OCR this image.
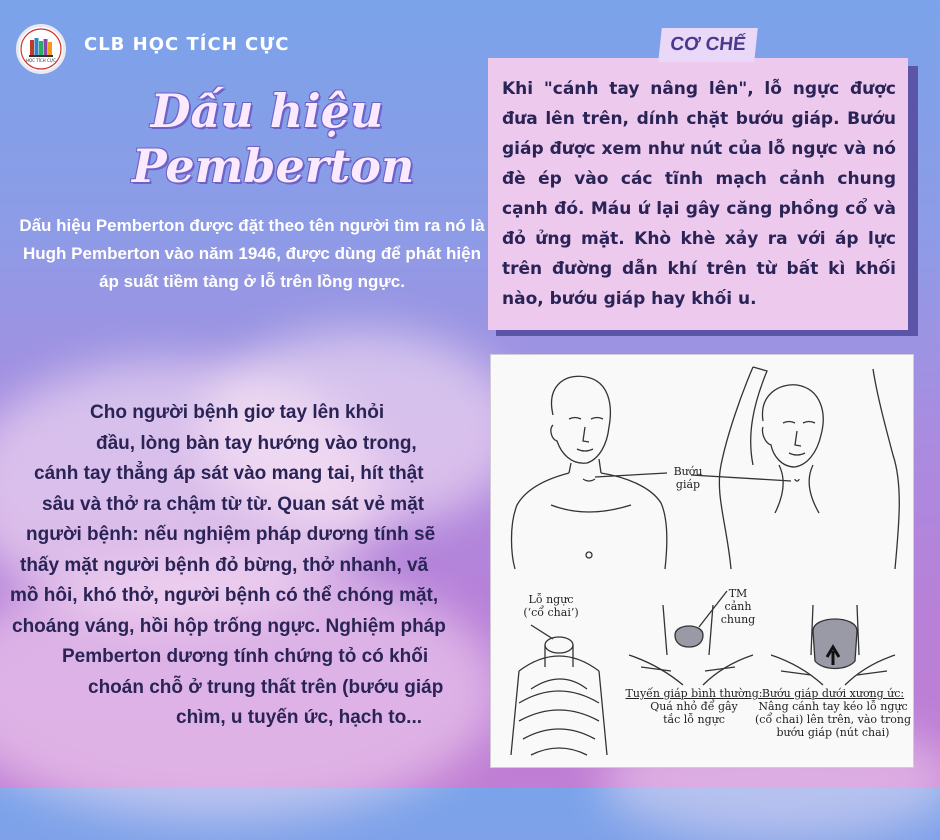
HỌC TÍCH CỰC
CLB HỌC TÍCH CỰC
Dấu hiệu
Pemberton
Dấu hiệu Pemberton được đặt theo tên người tìm ra nó là Hugh Pemberton vào năm 1946, được dùng để phát hiện áp suất tiềm tàng ở lỗ trên lồng ngực.

Khi "cánh tay nâng lên", lỗ ngực được đưa lên trên, dính chặt bướu giáp. Bướu giáp được xem như nút của lỗ ngực và nó đè ép vào các tĩnh mạch cảnh chung cạnh đó. Máu ứ lại gây căng phồng cổ và đỏ ửng mặt. Khò khè xảy ra với áp lực trên đường dẫn khí trên từ bất kì khối nào, bướu giáp hay khối u.

CƠ CHẾ
Cho người bệnh giơ tay lên khỏi
đầu, lòng bàn tay hướng vào trong,
cánh tay thẳng áp sát vào mang tai, hít thật
sâu và thở ra chậm từ từ. Quan sát vẻ mặt
người bệnh: nếu nghiệm pháp dương tính sẽ
thấy mặt người bệnh đỏ bừng, thở nhanh, vã
mồ hôi, khó thở, người bệnh có thể chóng mặt,
choáng váng, hồi hộp trống ngực. Nghiệm pháp
Pemberton dương tính chứng tỏ có khối
choán chỗ ở trung thất trên (bướu giáp
chìm, u tuyến ức, hạch to...
Bướu
giáp
Lỗ ngực
(‘cổ chai’)
TM
cảnh
chung
Tuyến giáp bình thường:
Quá nhỏ để gây
tắc lỗ ngực
Bướu giáp dưới xương ức:
Nâng cánh tay kéo lỗ ngực
(cổ chai) lên trên, vào trong
bướu giáp (nút chai)
